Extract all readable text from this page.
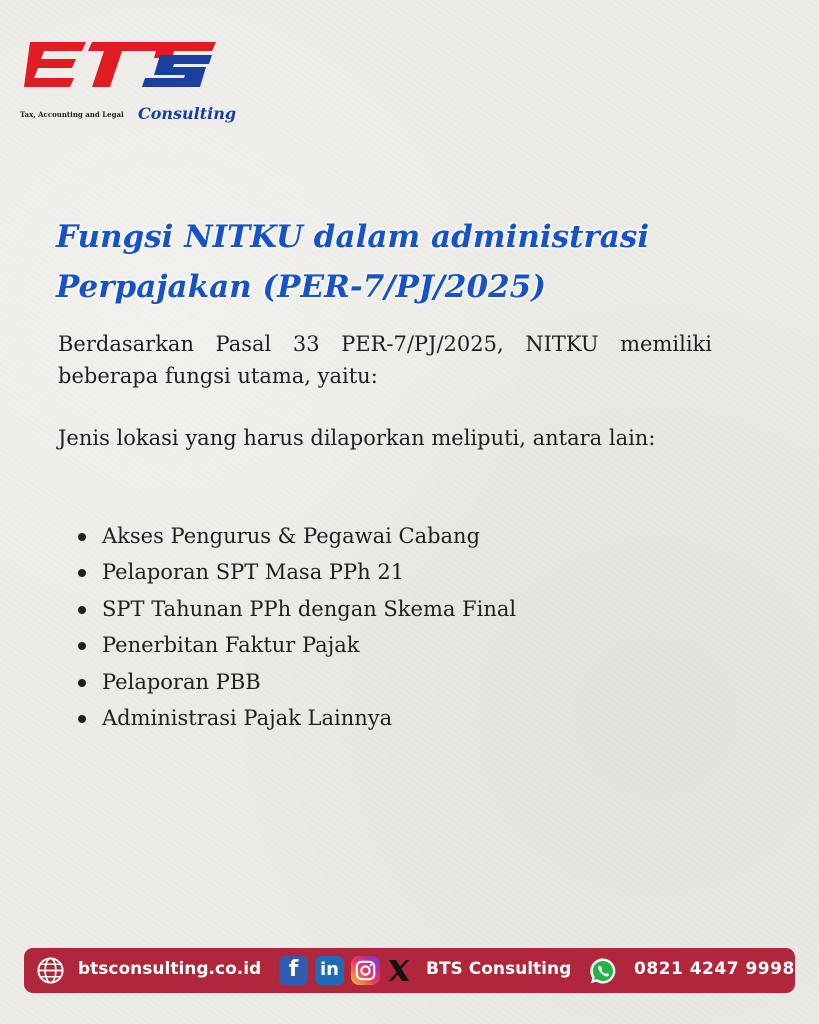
Tax, Accounting and Legal Consulting
Fungsi NITKU dalam administrasi
Perpajakan (PER-7/PJ/2025)

Berdasarkan Pasal 33 PER-7/PJ/2025, NITKU memiliki beberapa fungsi utama, yaitu:

Jenis lokasi yang harus dilaporkan meliputi, antara lain:

Akses Pengurus & Pegawai Cabang
Pelaporan SPT Masa PPh 21
SPT Tahunan PPh dengan Skema Final
Penerbitan Faktur Pajak
Pelaporan PBB
Administrasi Pajak Lainnya
btsconsulting.co.id	f	in	BTS Consulting	0821 4247 9998
